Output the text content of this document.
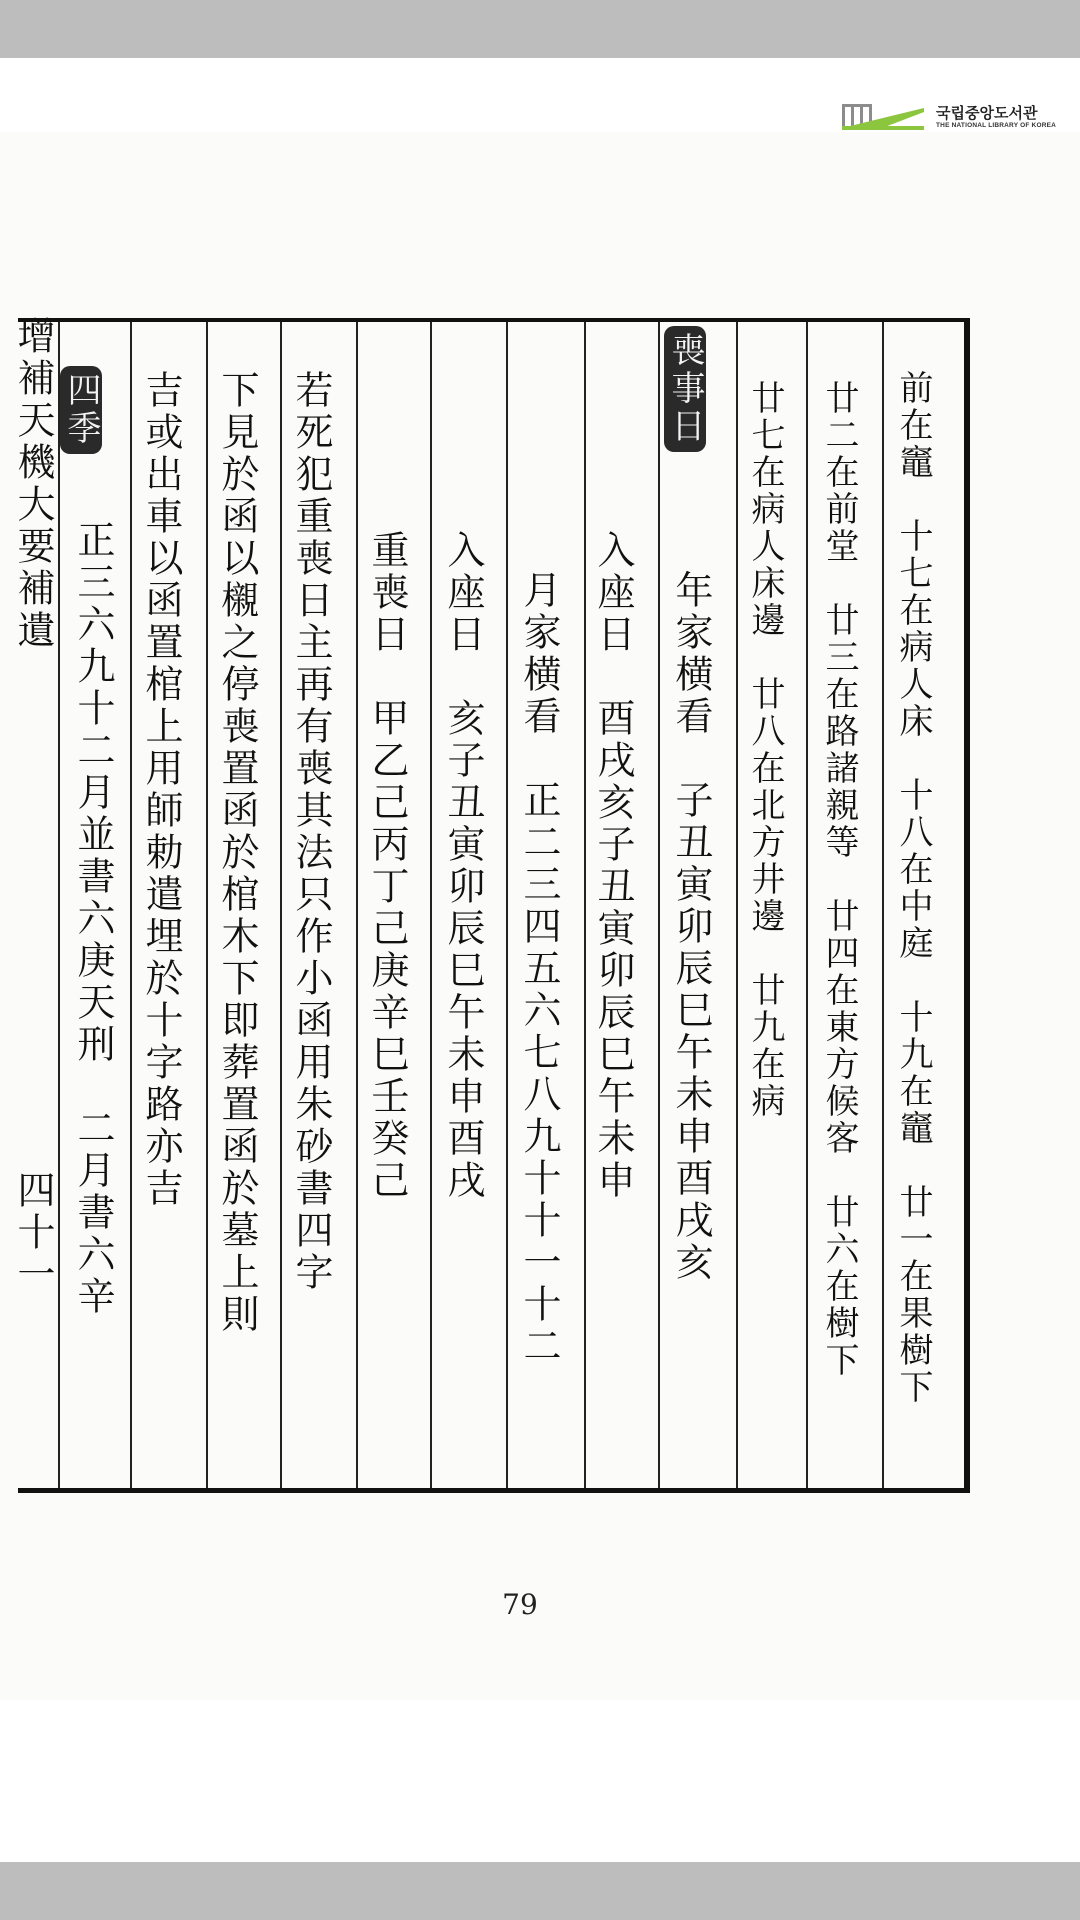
국립중앙도서관
THE NATIONAL LIBRARY OF KOREA
前在竈　十七在病人床　十八在中庭　十九在竈　廿一在果樹下
廿二在前堂　廿三在路諸親等　廿四在東方候客　廿六在樹下
廿七在病人床邊　廿八在北方井邊　廿九在病
喪事日
年家横看　子丑寅卯辰巳午未申酉戌亥
入座日　酉戌亥子丑寅卯辰巳午未申
月家横看　正二三四五六七八九十十一十二
入座日　亥子丑寅卯辰巳午未申酉戌
重喪日　甲乙己丙丁己庚辛巳壬癸己
若死犯重喪日主再有喪其法只作小函用朱砂書四字
下見於函以櫬之停喪置函於棺木下即葬置函於墓上則
吉或出車以函置棺上用師勅遣埋於十字路亦吉
四季
正三六九十二月並書六庚天刑　二月書六辛
增補天機大要補遺
四十一
79
